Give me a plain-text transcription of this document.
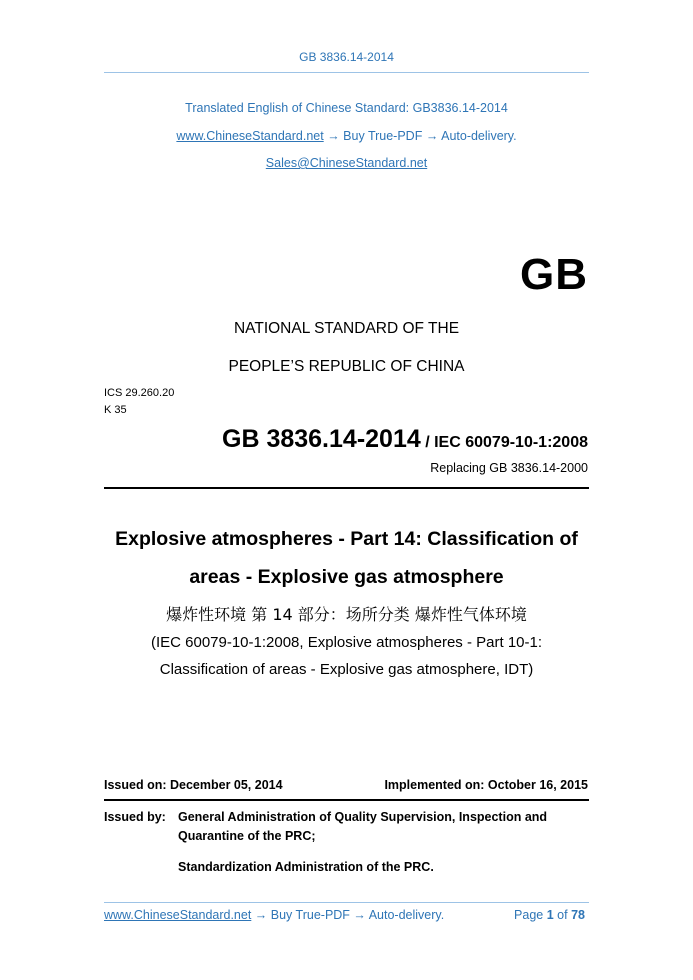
GB 3836.14-2014
Translated English of Chinese Standard: GB3836.14-2014
www.ChineseStandard.net → Buy True-PDF → Auto-delivery.
Sales@ChineseStandard.net
GB
NATIONAL STANDARD OF THE
PEOPLE’S REPUBLIC OF CHINA
ICS 29.260.20
K 35
GB 3836.14-2014 / IEC 60079-10-1:2008
Replacing GB 3836.14-2000
Explosive atmospheres - Part 14: Classification of
areas - Explosive gas atmosphere
爆炸性环境 第 14 部分：场所分类 爆炸性气体环境
(IEC 60079-10-1:2008, Explosive atmospheres - Part 10-1:
Classification of areas - Explosive gas atmosphere, IDT)
Issued on: December 05, 2014	Implemented on: October 16, 2015
Issued by: General Administration of Quality Supervision, Inspection and
Quarantine of the PRC;
Standardization Administration of the PRC.
www.ChineseStandard.net → Buy True-PDF → Auto-delivery.	Page 1 of 78
